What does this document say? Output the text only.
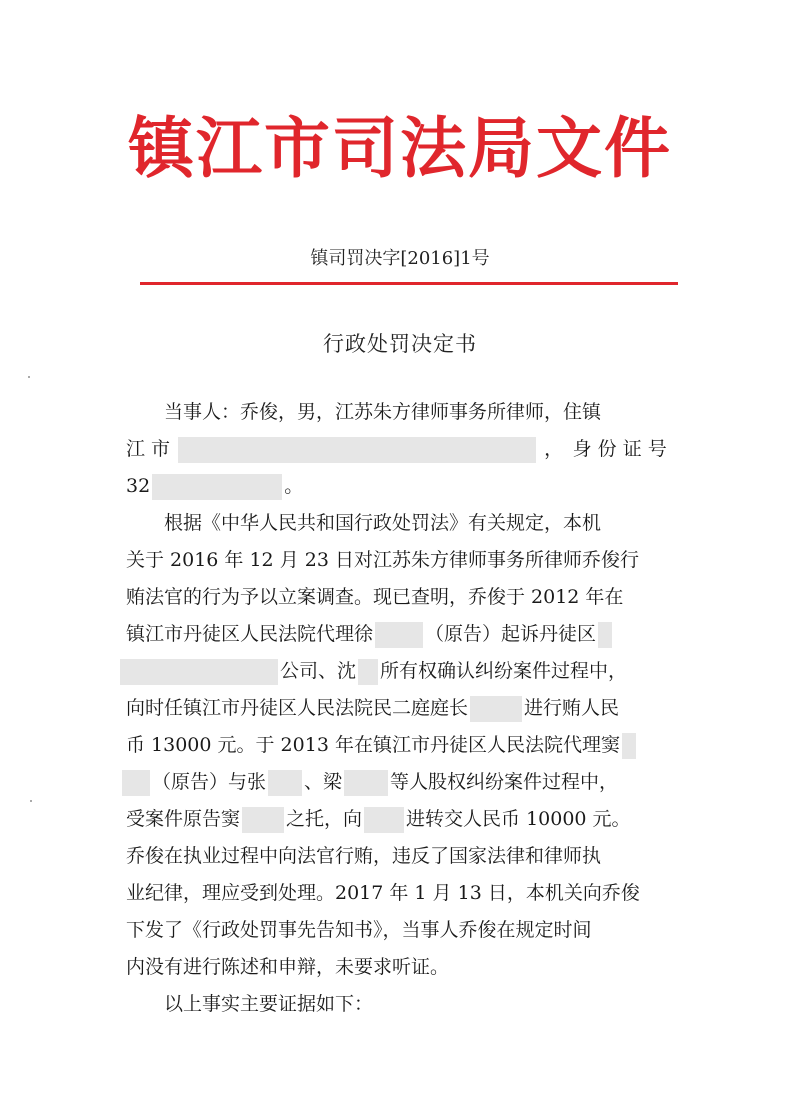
镇江市司法局文件
镇司罚决字[2016]1号
行政处罚决定书
当事人：乔俊，男，江苏朱方律师事务所律师，住镇
江 市	，　身 份 证 号
32	。
根据《中华人民共和国行政处罚法》有关规定，本机
关于 2016 年 12 月 23 日对江苏朱方律师事务所律师乔俊行
贿法官的行为予以立案调查。现已查明，乔俊于 2012 年在
镇江市丹徒区人民法院代理徐	（原告）起诉丹徒区
公司、沈 所有权确认纠纷案件过程中，
向时任镇江市丹徒区人民法院民二庭庭长	进行贿人民
币 13000 元。于 2013 年在镇江市丹徒区人民法院代理窦
（原告）与张 、梁	等人股权纠纷案件过程中，
受案件原告窦 之托，向 进转交人民币 10000 元。
乔俊在执业过程中向法官行贿，违反了国家法律和律师执
业纪律，理应受到处理。2017 年 1 月 13 日，本机关向乔俊
下发了《行政处罚事先告知书》，当事人乔俊在规定时间
内没有进行陈述和申辩，未要求听证。
以上事实主要证据如下：
